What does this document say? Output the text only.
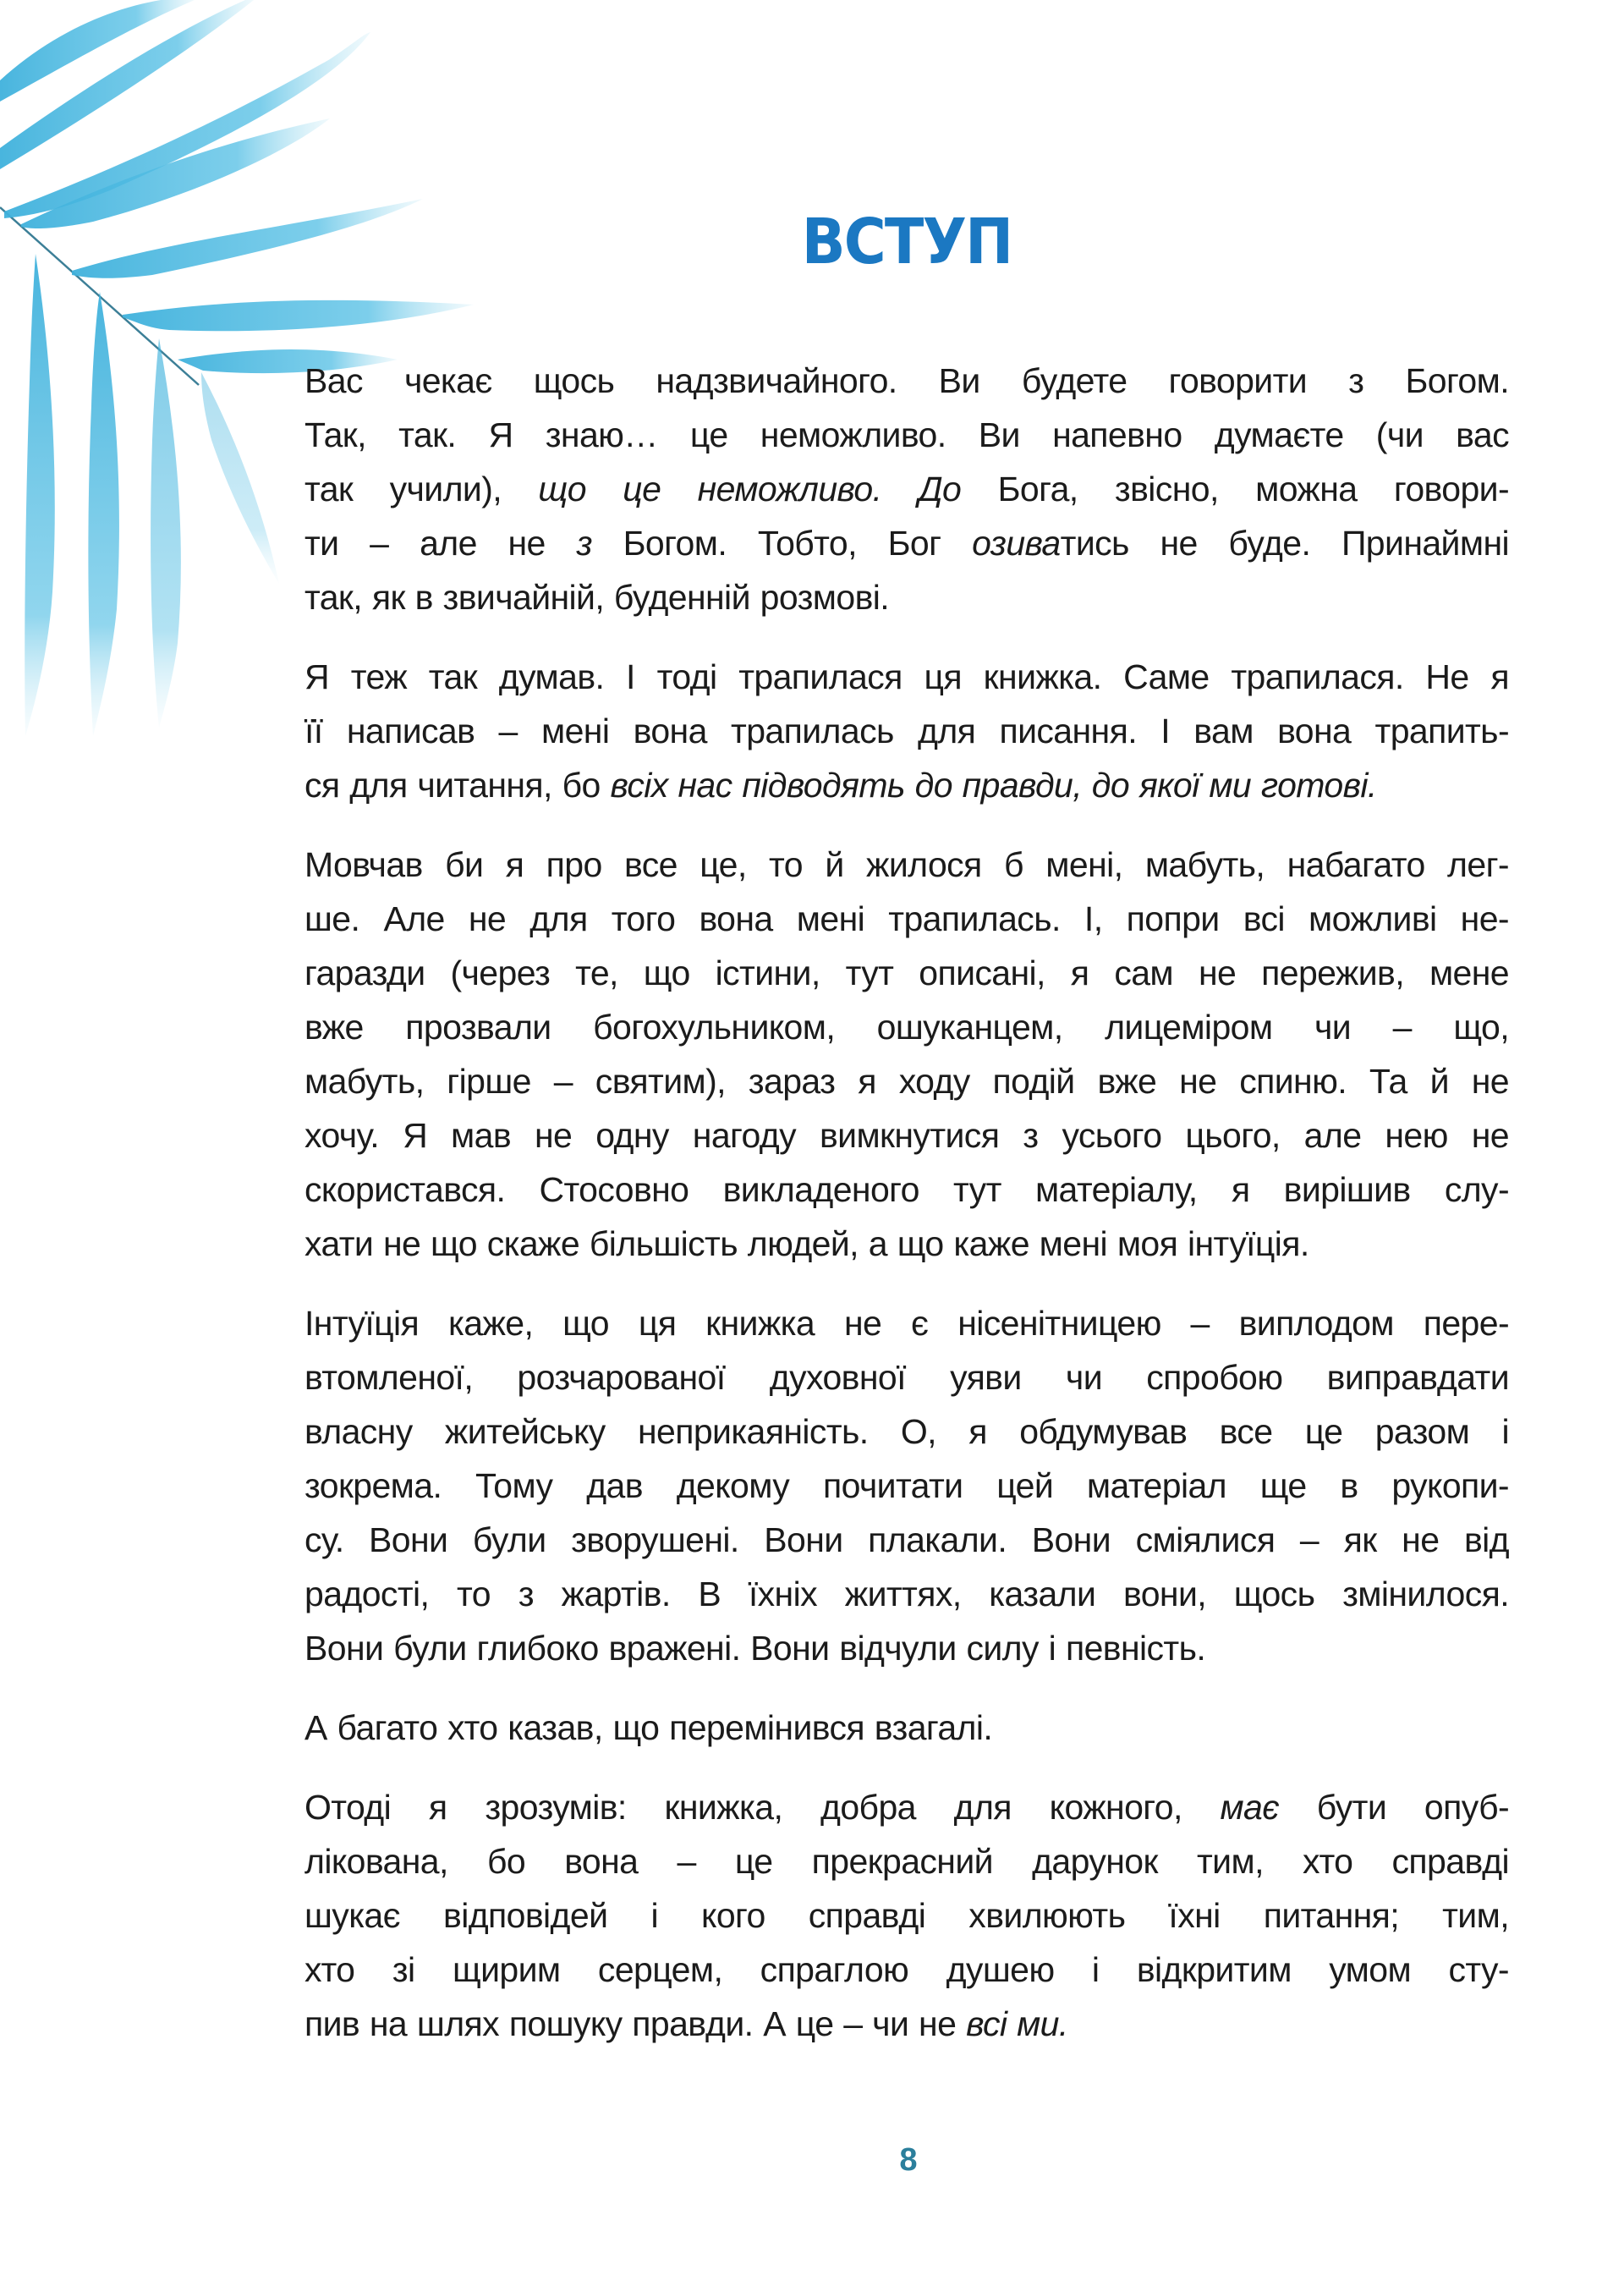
ВСТУП

Вас чекає щось надзвичайного. Ви будете говорити з Богом.
Так, так. Я знаю… це неможливо. Ви напевно думаєте (чи вас
так учили), що це неможливо. До Бога, звісно, можна говори-
ти – але не з Богом. Тобто, Бог озиватись не буде. Принаймні
так, як в звичайній, буденній розмові.

Я теж так думав. І тоді трапилася ця книжка. Саме трапилася. Не я
її написав – мені вона трапилась для писання. І вам вона трапить-
ся для читання, бо всіх нас підводять до правди, до якої ми готові.

Мовчав би я про все це, то й жилося б мені, мабуть, набагато лег-
ше. Але не для того вона мені трапилась. І, попри всі можливі не-
гаразди (через те, що істини, тут описані, я сам не пережив, мене
вже прозвали богохульником, ошуканцем, лицеміром чи – що,
мабуть, гірше – святим), зараз я ходу подій вже не спиню. Та й не
хочу. Я мав не одну нагоду вимкнутися з усього цього, але нею не
скористався. Стосовно викладеного тут матеріалу, я вирішив слу-
хати не що скаже більшість людей, а що каже мені моя інтуїція.

Інтуїція каже, що ця книжка не є нісенітницею – виплодом пере-
втомленої, розчарованої духовної уяви чи спробою виправдати
власну житейську неприкаяність. О, я обдумував все це разом і
зокрема. Тому дав декому почитати цей матеріал ще в рукопи-
су. Вони були зворушені. Вони плакали. Вони сміялися – як не від
радості, то з жартів. В їхніх життях, казали вони, щось змінилося.
Вони були глибоко вражені. Вони відчули силу і певність.

А багато хто казав, що перемінився взагалі.

Отоді я зрозумів: книжка, добра для кожного, має бути опуб-
лікована, бо вона – це прекрасний дарунок тим, хто справді
шукає відповідей і кого справді хвилюють їхні питання; тим,
хто зі щирим серцем, спраглою душею і відкритим умом сту-
пив на шлях пошуку правди. А це – чи не всі ми.

8
